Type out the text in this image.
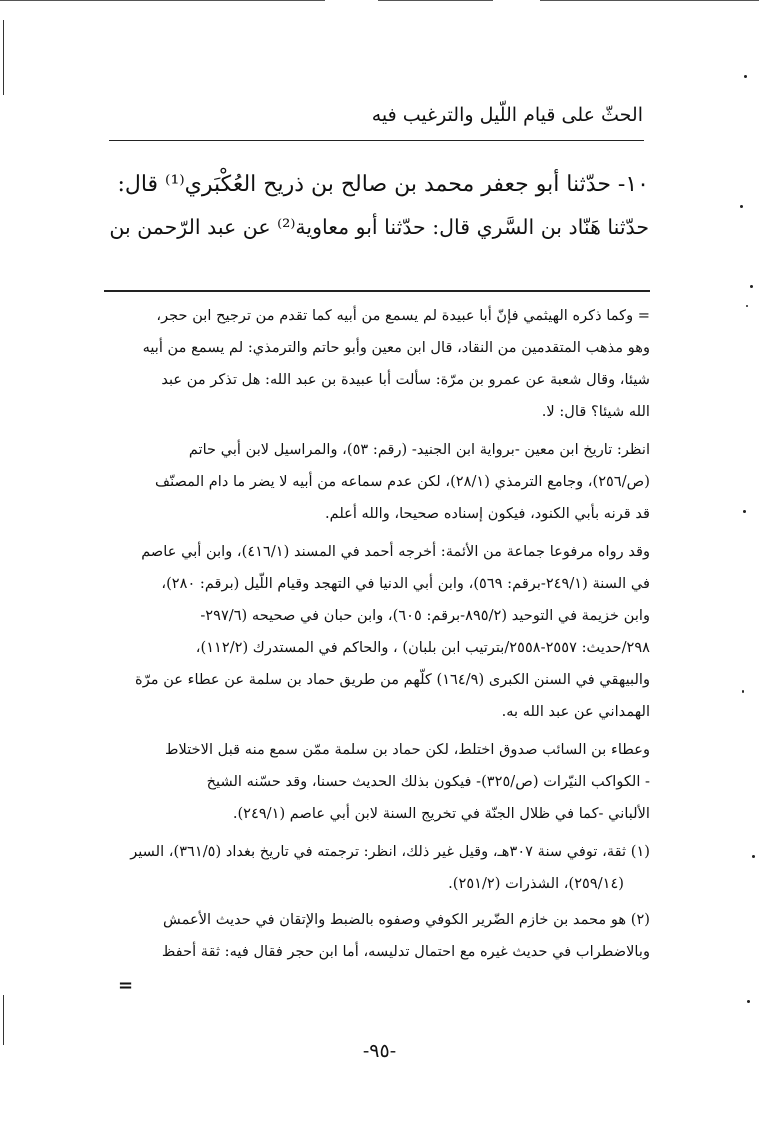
الحثّ على قيام اللّيل والترغيب فيه
١٠- حدّثنا أبو جعفر محمد بن صالح بن ذريح العُكْبَري⁽¹⁾ قال:
حدّثنا هَنّاد بن السَّري قال: حدّثنا أبو معاوية⁽²⁾ عن عبد الرّحمن بن
= وكما ذكره الهيثمي فإنّ أبا عبيدة لم يسمع من أبيه كما تقدم من ترجيح ابن حجر،
وهو مذهب المتقدمين من النقاد، قال ابن معين وأبو حاتم والترمذي: لم يسمع من أبيه
شيئا، وقال شعبة عن عمرو بن مرّة: سألت أبا عبيدة بن عبد الله: هل تذكر من عبد
الله شيئا؟ قال: لا.
انظر: تاريخ ابن معين -برواية ابن الجنيد- (رقم: ٥٣)، والمراسيل لابن أبي حاتم
(ص/٢٥٦)، وجامع الترمذي (٢٨/١)، لكن عدم سماعه من أبيه لا يضر ما دام المصنّف
قد قرنه بأبي الكنود، فيكون إسناده صحيحا، والله أعلم.
وقد رواه مرفوعا جماعة من الأئمة: أخرجه أحمد في المسند (٤١٦/١)، وابن أبي عاصم
في السنة (٢٤٩/١-برقم: ٥٦٩)، وابن أبي الدنيا في التهجد وقيام اللّيل (برقم: ٢٨٠)،
وابن خزيمة في التوحيد (٨٩٥/٢-برقم: ٦٠٥)، وابن حبان في صحيحه (٢٩٧/٦-
٢٩٨/حديث: ٢٥٥٧-٢٥٥٨/بترتيب ابن بلبان) ، والحاكم في المستدرك (١١٢/٢)،
والبيهقي في السنن الكبرى (١٦٤/٩) كلّهم من طريق حماد بن سلمة عن عطاء عن مرّة
الهمداني عن عبد الله به.
وعطاء بن السائب صدوق اختلط، لكن حماد بن سلمة ممّن سمع منه قبل الاختلاط
- الكواكب النيّرات (ص/٣٢٥)- فيكون بذلك الحديث حسنا، وقد حسّنه الشيخ
الألباني -كما في ظلال الجنّة في تخريج السنة لابن أبي عاصم (٢٤٩/١).
(١) ثقة، توفي سنة ٣٠٧هـ، وقيل غير ذلك، انظر: ترجمته في تاريخ بغداد (٣٦١/٥)، السير
(٢٥٩/١٤)، الشذرات (٢٥١/٢).
(٢) هو محمد بن خازم الضّرير الكوفي وصفوه بالضبط والإتقان في حديث الأعمش
وبالاضطراب في حديث غيره مع احتمال تدليسه، أما ابن حجر فقال فيه: ثقة أحفظ
=
-٩٥-
